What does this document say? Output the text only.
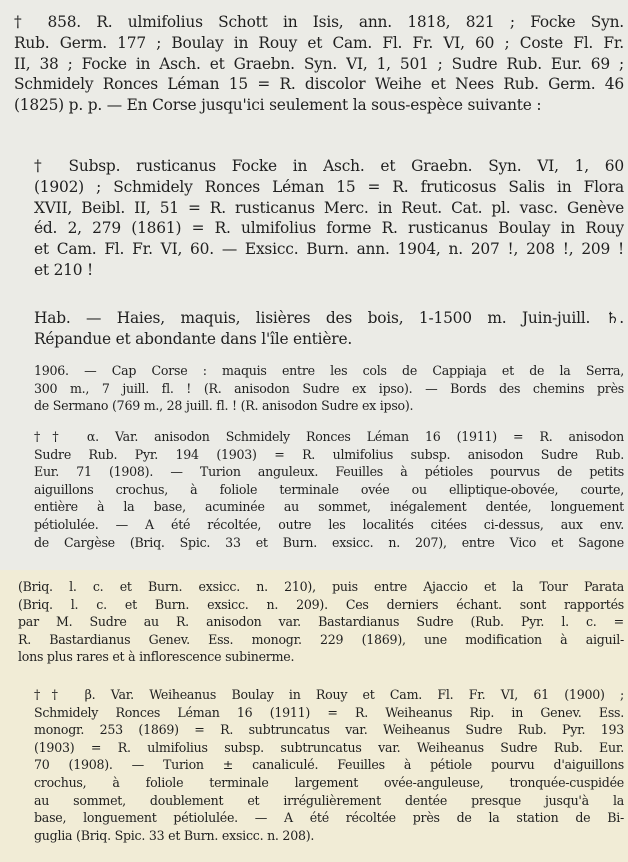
† 858. R. ulmifolius Schott in Isis, ann. 1818, 821 ; Focke Syn.
Rub. Germ. 177 ; Boulay in Rouy et Cam. Fl. Fr. VI, 60 ; Coste Fl. Fr.
II, 38 ; Focke in Asch. et Graebn. Syn. VI, 1, 501 ; Sudre Rub. Eur. 69 ;
Schmidely Ronces Léman 15 = R. discolor Weihe et Nees Rub. Germ. 46
(1825) p. p. — En Corse jusqu'ici seulement la sous-espèce suivante :
† Subsp. rusticanus Focke in Asch. et Graebn. Syn. VI, 1, 60
(1902) ; Schmidely Ronces Léman 15 = R. fruticosus Salis in Flora
XVII, Beibl. II, 51 = R. rusticanus Merc. in Reut. Cat. pl. vasc. Genève
éd. 2, 279 (1861) = R. ulmifolius forme R. rusticanus Boulay in Rouy
et Cam. Fl. Fr. VI, 60. — Exsicc. Burn. ann. 1904, n. 207 !, 208 !, 209 !
et 210 !
Hab. — Haies, maquis, lisières des bois, 1-1500 m. Juin-juill. ♄.
Répandue et abondante dans l'île entière.
1906. — Cap Corse : maquis entre les cols de Cappiaja et de la Serra,
300 m., 7 juill. fl. ! (R. anisodon Sudre ex ipso). — Bords des chemins près
de Sermano (769 m., 28 juill. fl. ! (R. anisodon Sudre ex ipso).
†† α. Var. anisodon Schmidely Ronces Léman 16 (1911) = R. anisodon
Sudre Rub. Pyr. 194 (1903) = R. ulmifolius subsp. anisodon Sudre Rub.
Eur. 71 (1908). — Turion anguleux. Feuilles à pétioles pourvus de petits
aiguillons crochus, à foliole terminale ovée ou elliptique-obovée, courte,
entière à la base, acuminée au sommet, inégalement dentée, longuement
pétiolulée. — A été récoltée, outre les localités citées ci-dessus, aux env.
de Cargèse (Briq. Spic. 33 et Burn. exsicc. n. 207), entre Vico et Sagone
(Briq. l. c. et Burn. exsicc. n. 210), puis entre Ajaccio et la Tour Parata
(Briq. l. c. et Burn. exsicc. n. 209). Ces derniers échant. sont rapportés
par M. Sudre au R. anisodon var. Bastardianus Sudre (Rub. Pyr. l. c. =
R. Bastardianus Genev. Ess. monogr. 229 (1869), une modification à aiguil-
lons plus rares et à inflorescence subinerme.
†† β. Var. Weiheanus Boulay in Rouy et Cam. Fl. Fr. VI, 61 (1900) ;
Schmidely Ronces Léman 16 (1911) = R. Weiheanus Rip. in Genev. Ess.
monogr. 253 (1869) = R. subtruncatus var. Weiheanus Sudre Rub. Pyr. 193
(1903) = R. ulmifolius subsp. subtruncatus var. Weiheanus Sudre Rub. Eur.
70 (1908). — Turion ± canaliculé. Feuilles à pétiole pourvu d'aiguillons
crochus, à foliole terminale largement ovée-anguleuse, tronquée-cuspidée
au sommet, doublement et irrégulièrement dentée presque jusqu'à la
base, longuement pétiolulée. — A été récoltée près de la station de Bi-
guglia (Briq. Spic. 33 et Burn. exsicc. n. 208).
